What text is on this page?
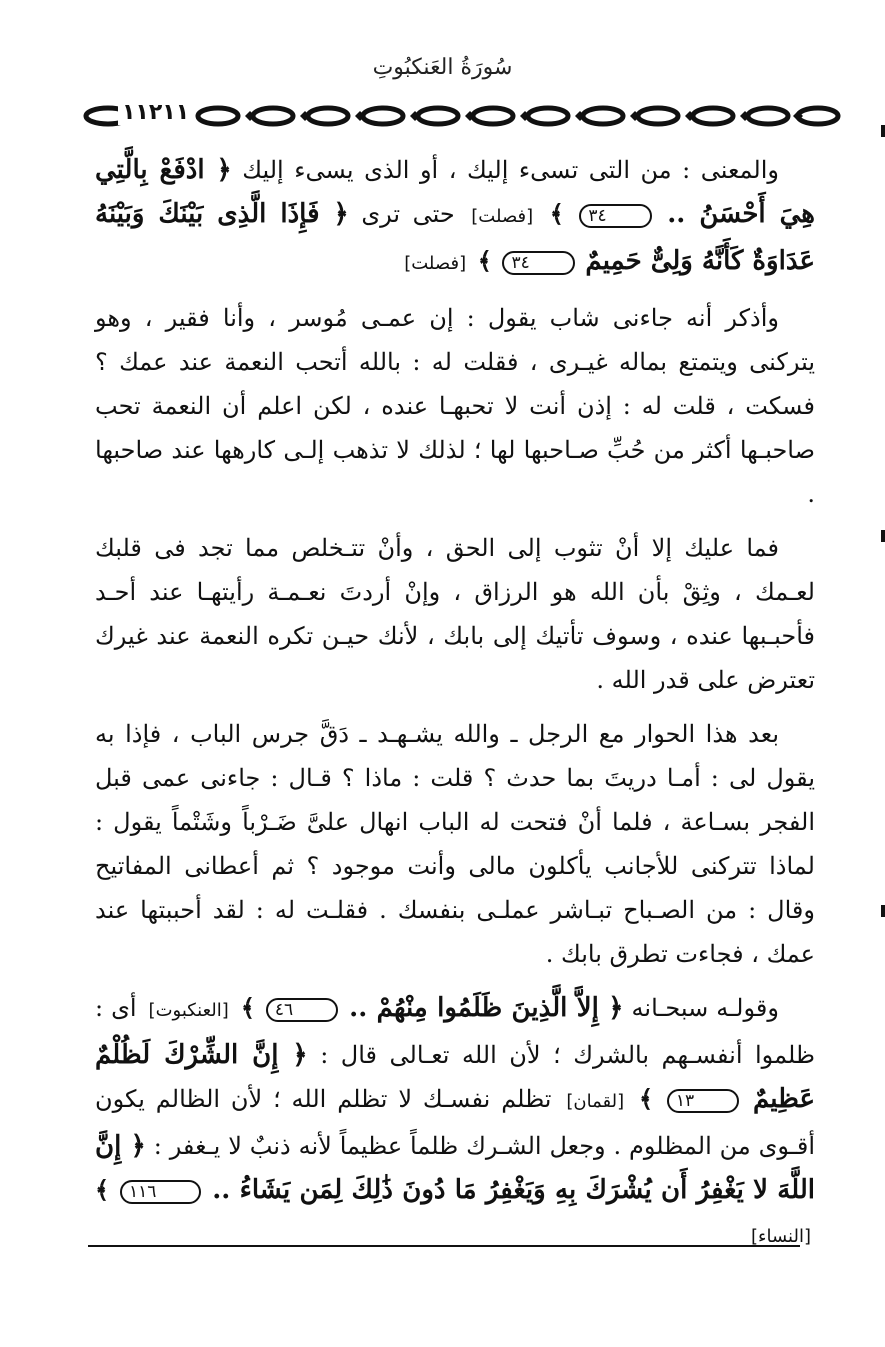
سُورَةُ العَنكبُوتِ
١١٢١١

والمعنى : من التى تسىء إليك ، أو الذى يسىء إليك ﴿ ادْفَعْ بِالَّتِي هِيَ أَحْسَنُ .. ٣٤ ﴾ [فصلت] حتى ترى ﴿ فَإِذَا الَّذِى بَيْنَكَ وَبَيْنَهُ عَدَاوَةٌ كَأَنَّهُ وَلِىٌّ حَمِيمٌ ٣٤ ﴾ [فصلت]

وأذكر أنه جاءنى شاب يقول : إن عمـى مُوسر ، وأنا فقير ، وهو يتركنى ويتمتع بماله غيـرى ، فقلت له : بالله أتحب النعمة عند عمك ؟ فسكت ، قلت له : إذن أنت لا تحبهـا عنده ، لكن اعلم أن النعمة تحب صاحبـها أكثر من حُبِّ صـاحبها لها ؛ لذلك لا تذهب إلـى كارهها عند صاحبها .

فما عليك إلا أنْ تثوب إلى الحق ، وأنْ تتـخلص مما تجد فى قلبك لعـمك ، وثِقْ بأن الله هو الرزاق ، وإنْ أردتَ نعـمـة رأيتهـا عند أحـد فأحبـبها عنده ، وسوف تأتيك إلى بابك ، لأنك حيـن تكره النعمة عند غيرك تعترض على قدر الله .

بعد هذا الحوار مع الرجل ـ والله يشـهـد ـ دَقَّ جرس الباب ، فإذا به يقول لى : أمـا دريتَ بما حدث ؟ قلت : ماذا ؟ قـال : جاءنى عمى قبل الفجر بسـاعة ، فلما أنْ فتحت له الباب انهال علىَّ ضَـرْباً وشَتْماً يقول : لماذا تتركنى للأجانب يأكلون مالى وأنت موجود ؟ ثم أعطانى المفاتيح وقال : من الصـباح تبـاشر عملـى بنفسك . فقلـت له : لقد أحببتها عند عمك ، فجاءت تطرق بابك .

وقولـه سبحـانه ﴿ إِلاَّ الَّذِينَ ظَلَمُوا مِنْهُمْ .. ٤٦ ﴾ [العنكبوت] أى : ظلموا أنفسـهم بالشرك ؛ لأن الله تعـالى قال : ﴿ إِنَّ الشِّرْكَ لَظُلْمٌ عَظِيمٌ ١٣ ﴾ [لقمان] تظلم نفسـك لا تظلم الله ؛ لأن الظالم يكون أقـوى من المظلوم . وجعل الشـرك ظلماً عظيماً لأنه ذنبٌ لا يـغفر : ﴿ إِنَّ اللَّهَ لا يَغْفِرُ أَن يُشْرَكَ بِهِ وَيَغْفِرُ مَا دُونَ ذَٰلِكَ لِمَن يَشَاءُ .. ١١٦ ﴾ [النساء]
